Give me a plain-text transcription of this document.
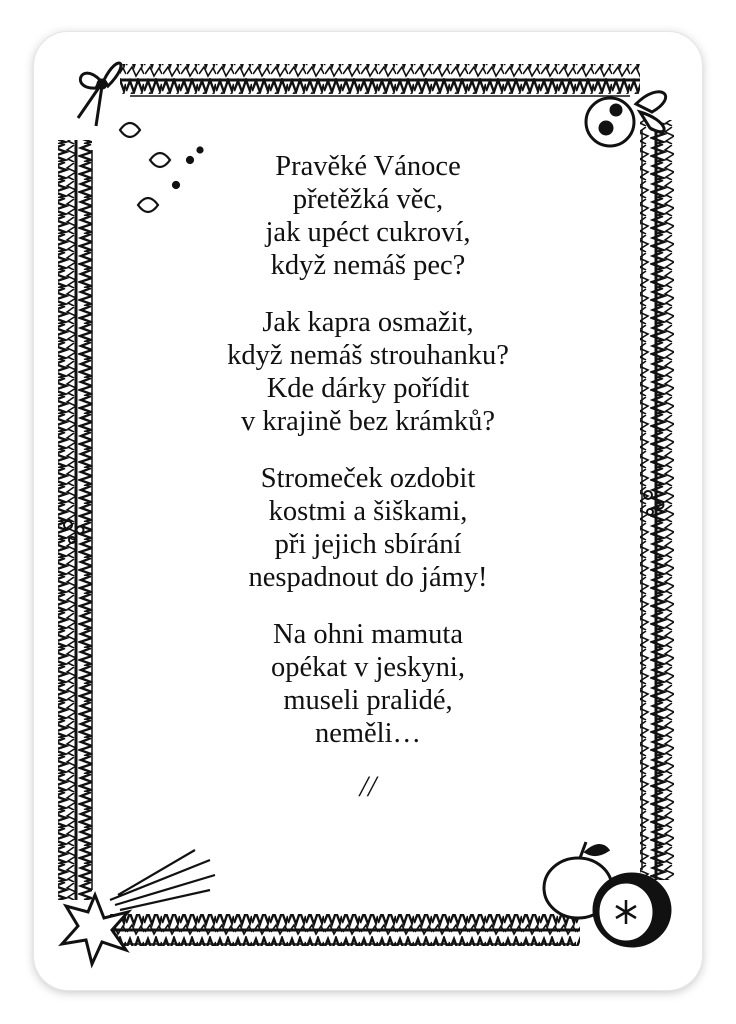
Pravěké Vánoce
přetěžká věc,
jak upéct cukroví,
když nemáš pec?
Jak kapra osmažit,
když nemáš strouhanku?
Kde dárky pořídit
v krajině bez krámků?
Stromeček ozdobit
kostmi a šiškami,
při jejich sbírání
nespadnout do jámy!
Na ohni mamuta
opékat v jeskyni,
museli pralidé,
neměli…
//
